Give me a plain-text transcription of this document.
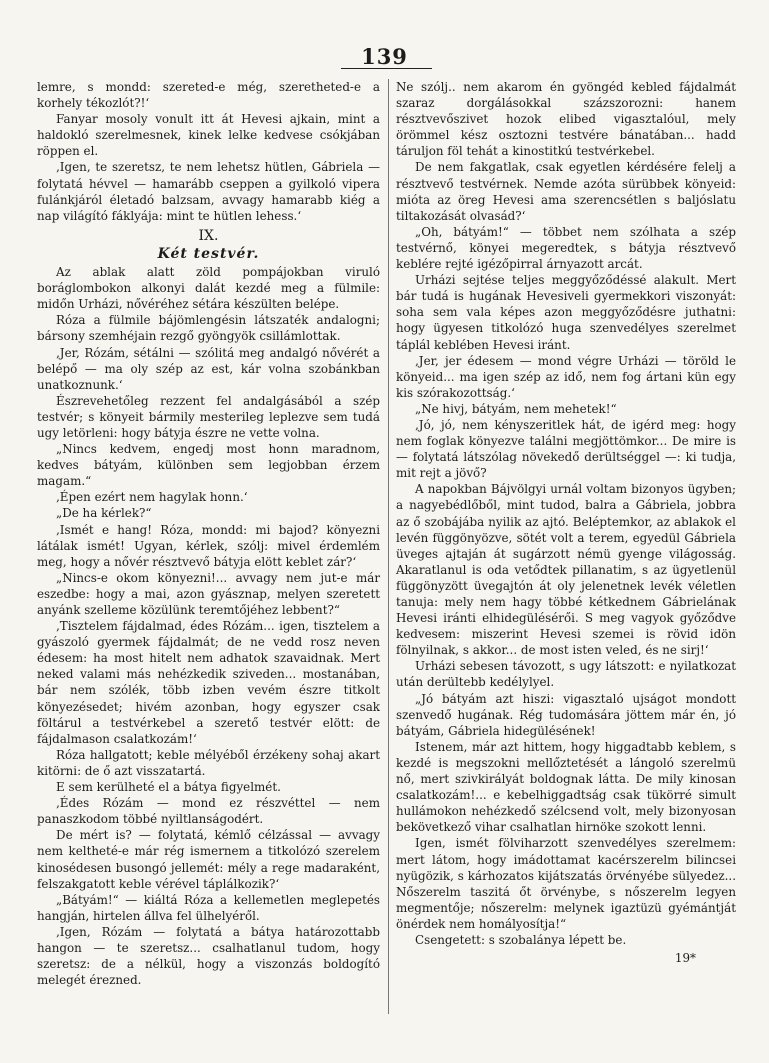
139

lemre, s mondd: szereted-e még, szeretheted-e a korhely tékozlót?!‘

Fanyar mosoly vonult itt át Hevesi ajkain, mint a haldokló szerelmesnek, kinek lelke kedvese csókjában röppen el.

‚Igen, te szeretsz, te nem lehetsz hütlen, Gábriela — folytatá hévvel — hamarább cseppen a gyilkoló vipera fulánkjáról életadó balzsam, avvagy hamarabb kiég a nap világító fáklyája: mint te hütlen lehess.‘

IX.

Két testvér.

Az ablak alatt zöld pompájokban viruló boráglombokon alkonyi dalát kezdé meg a fülmile: midőn Urházi, nővéréhez sétára készülten belépe.

Róza a fülmile bájömlengésin látszaték andalogni; bársony szemhéjain rezgő gyöngyök csillámlottak.

‚Jer, Rózám, sétálni — szólitá meg andalgó nővérét a belépő — ma oly szép az est, kár volna szobánkban unatkoznunk.‘

Észrevehetőleg rezzent fel andalgásából a szép testvér; s könyeit bármily mesterileg leplezve sem tudá ugy letörleni: hogy bátyja észre ne vette volna.

„Nincs kedvem, engedj most honn maradnom, kedves bátyám, különben sem legjobban érzem magam.“

‚Épen ezért nem hagylak honn.‘

„De ha kérlek?“

‚Ismét e hang! Róza, mondd: mi bajod? könyezni látálak ismét! Ugyan, kérlek, szólj: mivel érdemlém meg, hogy a nővér résztvevő bátyja elött keblet zár?‘

„Nincs-e okom könyezni!... avvagy nem jut-e már eszedbe: hogy a mai, azon gyásznap, melyen szeretett anyánk szelleme közülünk teremtőjéhez lebbent?“

‚Tisztelem fájdalmad, édes Rózám... igen, tisztelem a gyászoló gyermek fájdalmát; de ne vedd rosz neven édesem: ha most hitelt nem adhatok szavaidnak. Mert neked valami más nehézkedik sziveden... mostanában, bár nem szólék, több izben vevém észre titkolt könyezésedet; hivém azonban, hogy egyszer csak föltárul a testvérkebel a szerető testvér elött: de fájdalmason csalatkozám!‘

Róza hallgatott; keble mélyéből érzékeny sohaj akart kitörni: de ő azt visszatartá.

E sem kerülheté el a bátya figyelmét.

‚Édes Rózám — mond ez részvéttel — nem panaszkodom többé nyiltlanságodért.

De mért is? — folytatá, kémlő célzással — avvagy nem keltheté-e már rég ismernem a titkolózó szerelem kinosédesen busongó jellemét: mély a rege madaraként, felszakgatott keble vérével táplálkozik?‘

„Bátyám!“ — kiáltá Róza a kellemetlen meglepetés hangján, hirtelen állva fel ülhelyéről.

‚Igen, Rózám — folytatá a bátya határozottabb hangon — te szeretsz... csalhatlanul tudom, hogy szeretsz: de a nélkül, hogy a viszonzás boldogító melegét érezned.

Ne szólj.. nem akarom én gyöngéd kebled fájdalmát szaraz dorgálásokkal százszorozni: hanem résztvevőszivet hozok elibed vigasztalóul, mely örömmel kész osztozni testvére bánatában... hadd táruljon föl tehát a kinostitkú testvérkebel.

De nem fakgatlak, csak egyetlen kérdésére felelj a résztvevő testvérnek. Nemde azóta sürübbek könyeid: mióta az öreg Hevesi ama szerencsétlen s baljóslatu tiltakozását olvasád?‘

„Oh, bátyám!“ — többet nem szólhata a szép testvérnő, könyei megeredtek, s bátyja résztvevő keblére rejté igézőpirral árnyazott arcát.

Urházi sejtése teljes meggyőződéssé alakult. Mert bár tudá is hugának Hevesiveli gyermekkori viszonyát: soha sem vala képes azon meggyőződésre juthatni: hogy ügyesen titkolózó huga szenvedélyes szerelmet táplál keblében Hevesi iránt.

‚Jer, jer édesem — mond végre Urházi — töröld le könyeid... ma igen szép az idő, nem fog ártani kün egy kis szórakozottság.‘

„Ne hivj, bátyám, nem mehetek!“

‚Jó, jó, nem kényszeritlek hát, de igérd meg: hogy nem foglak könyezve találni megjöttömkor... De mire is — folytatá látszólag növekedő derültséggel —: ki tudja, mit rejt a jövő?

A napokban Bájvölgyi urnál voltam bizonyos ügyben; a nagyebédlőből, mint tudod, balra a Gábriela, jobbra az ő szobájába nyilik az ajtó. Beléptemkor, az ablakok el levén függönyözve, sötét volt a terem, egyedül Gábriela üveges ajtaján át sugárzott némü gyenge világosság. Akaratlanul is oda vetődtek pillanatim, s az ügyetlenül függönyzött üvegajtón át oly jelenetnek levék véletlen tanuja: mely nem hagy többé kétkednem Gábrielának Hevesi iránti elhidegülésérői. S meg vagyok győződve kedvesem: miszerint Hevesi szemei is rövid idön fölnyilnak, s akkor... de most isten veled, és ne sirj!‘

Urházi sebesen távozott, s ugy látszott: e nyilatkozat után derültebb kedélylyel.

„Jó bátyám azt hiszi: vigasztaló ujságot mondott szenvedő hugának. Rég tudomására jöttem már én, jó bátyám, Gábriela hidegülésének!

Istenem, már azt hittem, hogy higgadtabb keblem, s kezdé is megszokni mellőztetését a lángoló szerelmü nő, mert szivkirályát boldognak látta. De mily kinosan csalatkozám!... e kebelhiggadtság csak tükörré simult hullámokon nehézkedő szélcsend volt, mely bizonyosan bekövetkező vihar csalhatlan hirnöke szokott lenni.

Igen, ismét fölviharzott szenvedélyes szerelmem: mert látom, hogy imádottamat kacérszerelm bilincsei nyügözik, s kárhozatos kijátszatás örvényébe sülyedez... Nőszerelm taszitá őt örvénybe, s nőszerelm legyen megmentője; nőszerelm: melynek igaztüzü gyémántját önérdek nem homályosítja!“

Csengetett: s szobalánya lépett be.

19*
